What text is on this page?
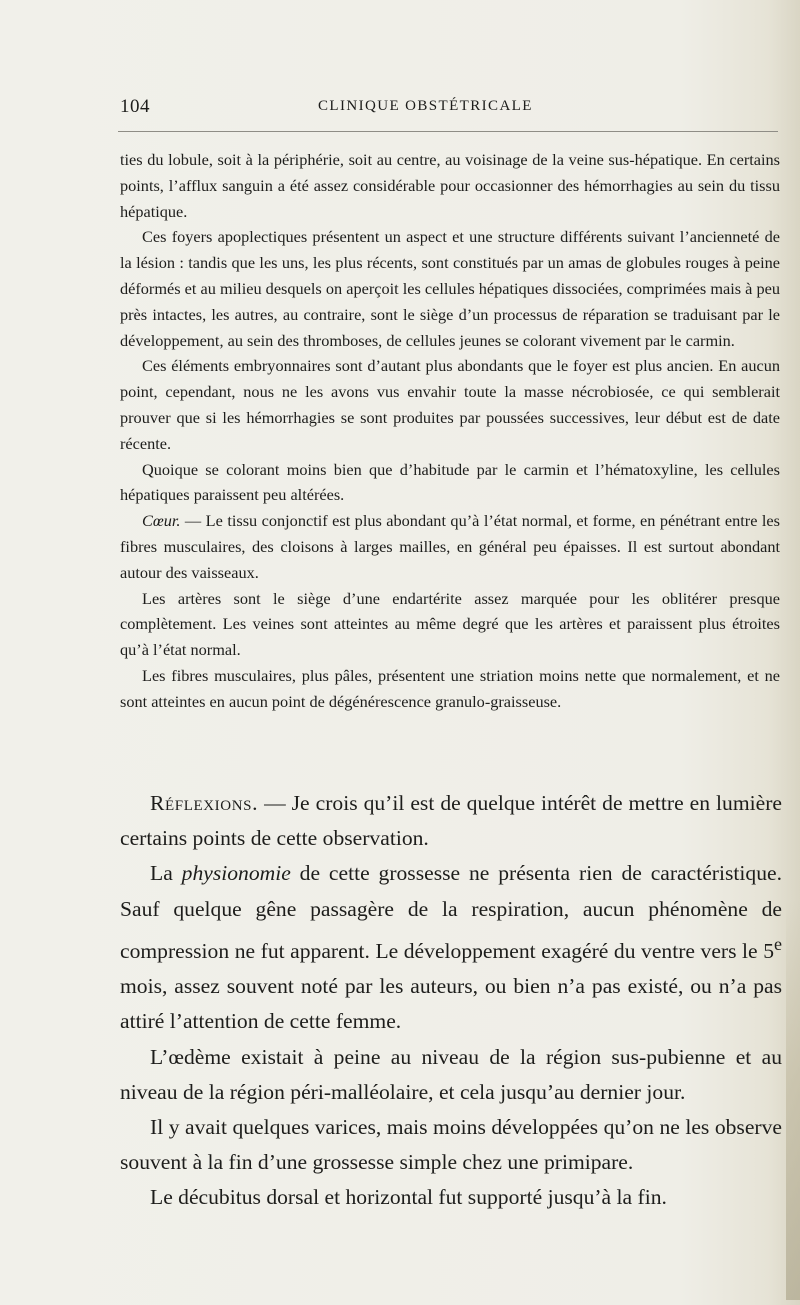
104	CLINIQUE OBSTÉTRICALE

ties du lobule, soit à la périphérie, soit au centre, au voisinage de la veine sus-hépatique. En certains points, l’afflux sanguin a été assez considérable pour occasionner des hémorrhagies au sein du tissu hépatique.

Ces foyers apoplectiques présentent un aspect et une structure différents suivant l’ancienneté de la lésion : tandis que les uns, les plus récents, sont constitués par un amas de globules rouges à peine déformés et au milieu desquels on aperçoit les cellules hépatiques dissociées, comprimées mais à peu près intactes, les autres, au contraire, sont le siège d’un processus de réparation se traduisant par le développement, au sein des thromboses, de cellules jeunes se colorant vivement par le carmin.

Ces éléments embryonnaires sont d’autant plus abondants que le foyer est plus ancien. En aucun point, cependant, nous ne les avons vus envahir toute la masse nécrobiosée, ce qui semblerait prouver que si les hémorrhagies se sont produites par poussées successives, leur début est de date récente.

Quoique se colorant moins bien que d’habitude par le carmin et l’hématoxyline, les cellules hépatiques paraissent peu altérées.

Cœur. — Le tissu conjonctif est plus abondant qu’à l’état normal, et forme, en pénétrant entre les fibres musculaires, des cloisons à larges mailles, en général peu épaisses. Il est surtout abondant autour des vaisseaux.

Les artères sont le siège d’une endartérite assez marquée pour les oblitérer presque complètement. Les veines sont atteintes au même degré que les artères et paraissent plus étroites qu’à l’état normal.

Les fibres musculaires, plus pâles, présentent une striation moins nette que normalement, et ne sont atteintes en aucun point de dégénérescence granulo-graisseuse.

Réflexions. — Je crois qu’il est de quelque intérêt de mettre en lumière certains points de cette observation.

La physionomie de cette grossesse ne présenta rien de caractéristique. Sauf quelque gêne passagère de la respiration, aucun phénomène de compression ne fut apparent. Le développement exagéré du ventre vers le 5e mois, assez souvent noté par les auteurs, ou bien n’a pas existé, ou n’a pas attiré l’attention de cette femme.

L’œdème existait à peine au niveau de la région sus-pubienne et au niveau de la région péri-malléolaire, et cela jusqu’au dernier jour.

Il y avait quelques varices, mais moins développées qu’on ne les observe souvent à la fin d’une grossesse simple chez une primipare.

Le décubitus dorsal et horizontal fut supporté jusqu’à la fin.
